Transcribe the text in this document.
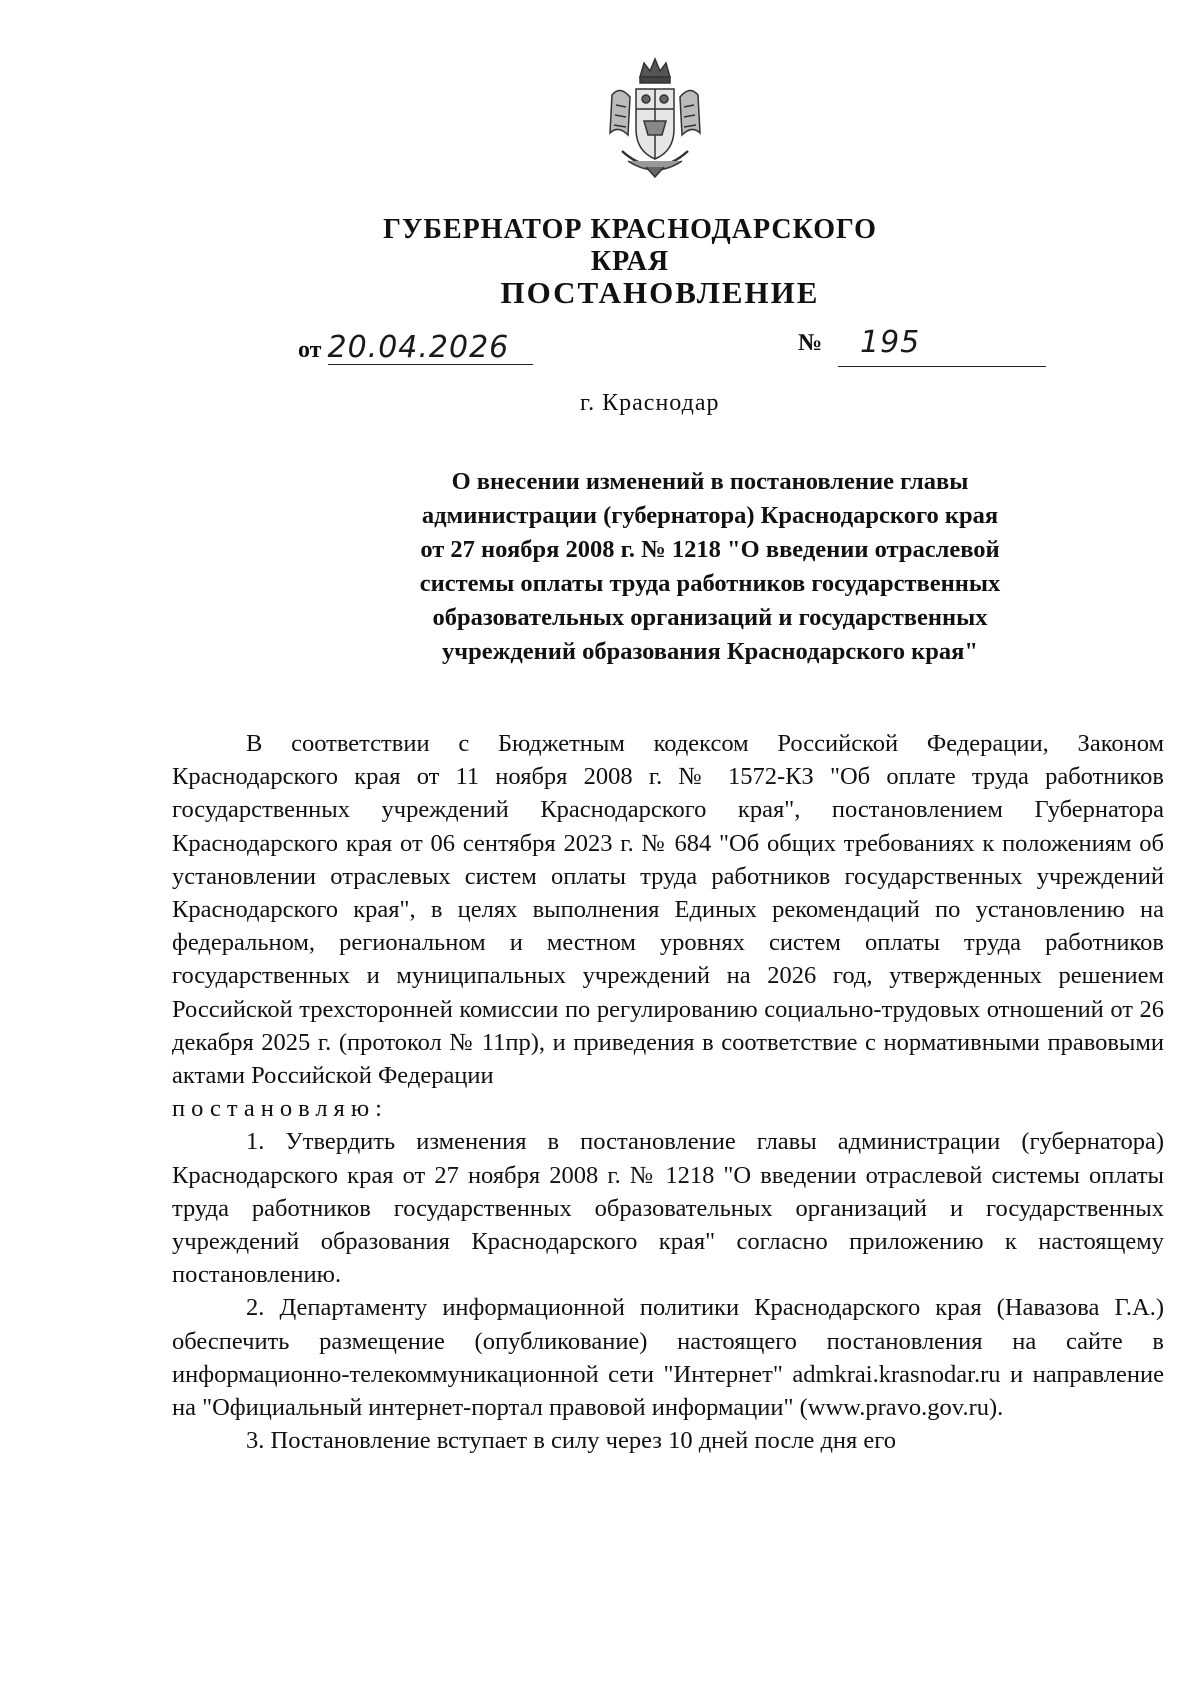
ГУБЕРНАТОР КРАСНОДАРСКОГО КРАЯ
ПОСТАНОВЛЕНИЕ
от 20.04.2026	№ 195
г. Краснодар
О внесении изменений в постановление главы
администрации (губернатора) Краснодарского края
от 27 ноября 2008 г. № 1218 "О введении отраслевой
системы оплаты труда работников государственных
образовательных организаций и государственных
учреждений образования Краснодарского края"

В соответствии с Бюджетным кодексом Российской Федерации, Законом Краснодарского края от 11 ноября 2008 г. № 1572-КЗ "Об оплате труда работников государственных учреждений Краснодарского края", постановлением Губернатора Краснодарского края от 06 сентября 2023 г. № 684 "Об общих требованиях к положениям об установлении отраслевых систем оплаты труда работников государственных учреждений Краснодарского края", в целях выполнения Единых рекомендаций по установлению на федеральном, региональном и местном уровнях систем оплаты труда работников государственных и муниципальных учреждений на 2026 год, утвержденных решением Российской трехсторонней комиссии по регулированию социально-трудовых отношений от 26 декабря 2025 г. (протокол № 11пр), и приведения в соответствие с нормативными правовыми актами Российской Федерации

постановляю:

1. Утвердить изменения в постановление главы администрации (губернатора) Краснодарского края от 27 ноября 2008 г. № 1218 "О введении отраслевой системы оплаты труда работников государственных образовательных организаций и государственных учреждений образования Краснодарского края" согласно приложению к настоящему постановлению.

2. Департаменту информационной политики Краснодарского края (Навазова Г.А.) обеспечить размещение (опубликование) настоящего постановления на сайте в информационно-телекоммуникационной сети "Интернет" admkrai.krasnodar.ru и направление на "Официальный интернет-портал правовой информации" (www.pravo.gov.ru).

3. Постановление вступает в силу через 10 дней после дня его
